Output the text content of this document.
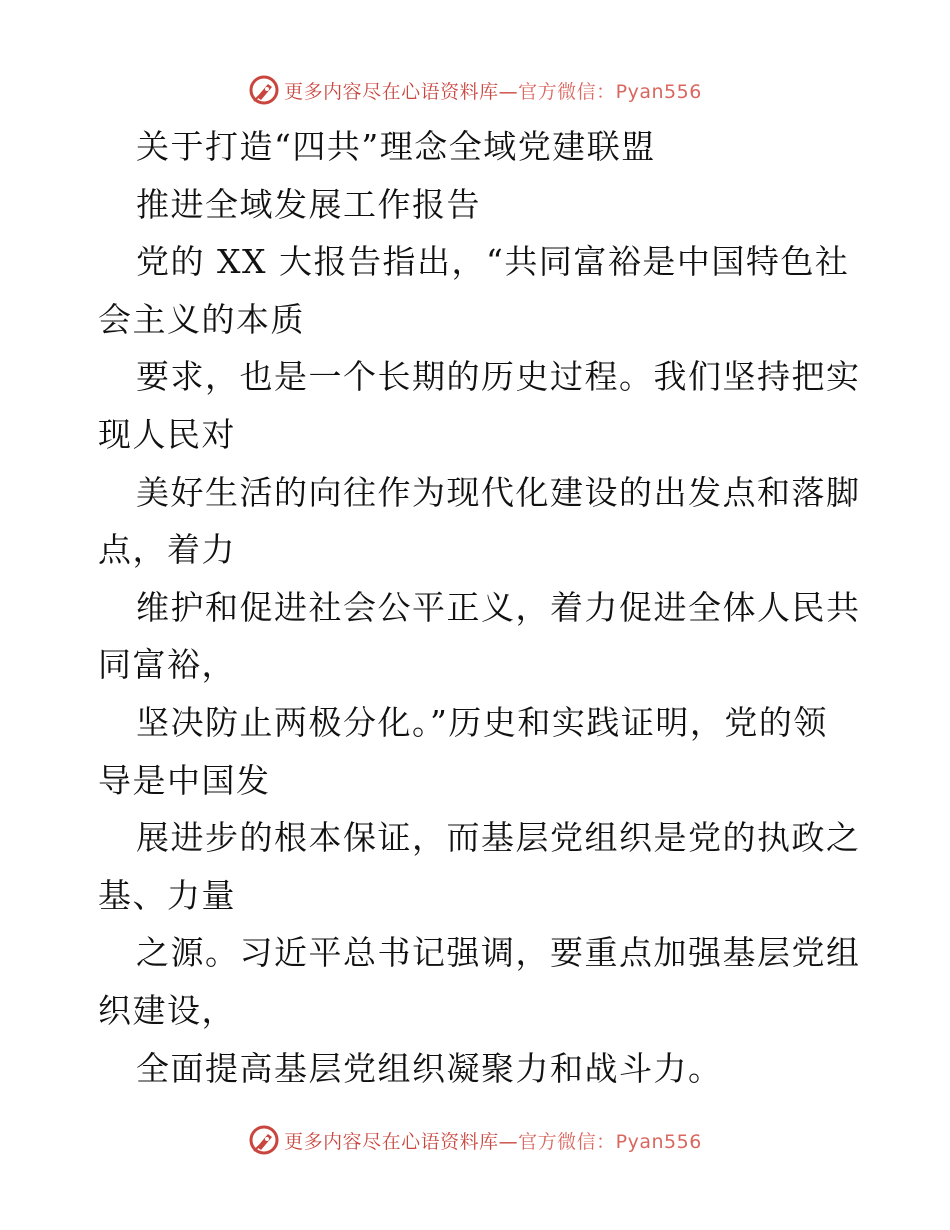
更多内容尽在心语资料库—官方微信：Pyan556
关于打造“四共”理念全域党建联盟
推进全域发展工作报告
党的 XX 大报告指出，“共同富裕是中国特色社
会主义的本质
要求，也是一个长期的历史过程。我们坚持把实
现人民对
美好生活的向往作为现代化建设的出发点和落脚
点，着力
维护和促进社会公平正义，着力促进全体人民共
同富裕，
坚决防止两极分化。”历史和实践证明，党的领
导是中国发
展进步的根本保证，而基层党组织是党的执政之
基、力量
之源。习近平总书记强调，要重点加强基层党组
织建设，
全面提高基层党组织凝聚力和战斗力。
更多内容尽在心语资料库—官方微信：Pyan556
